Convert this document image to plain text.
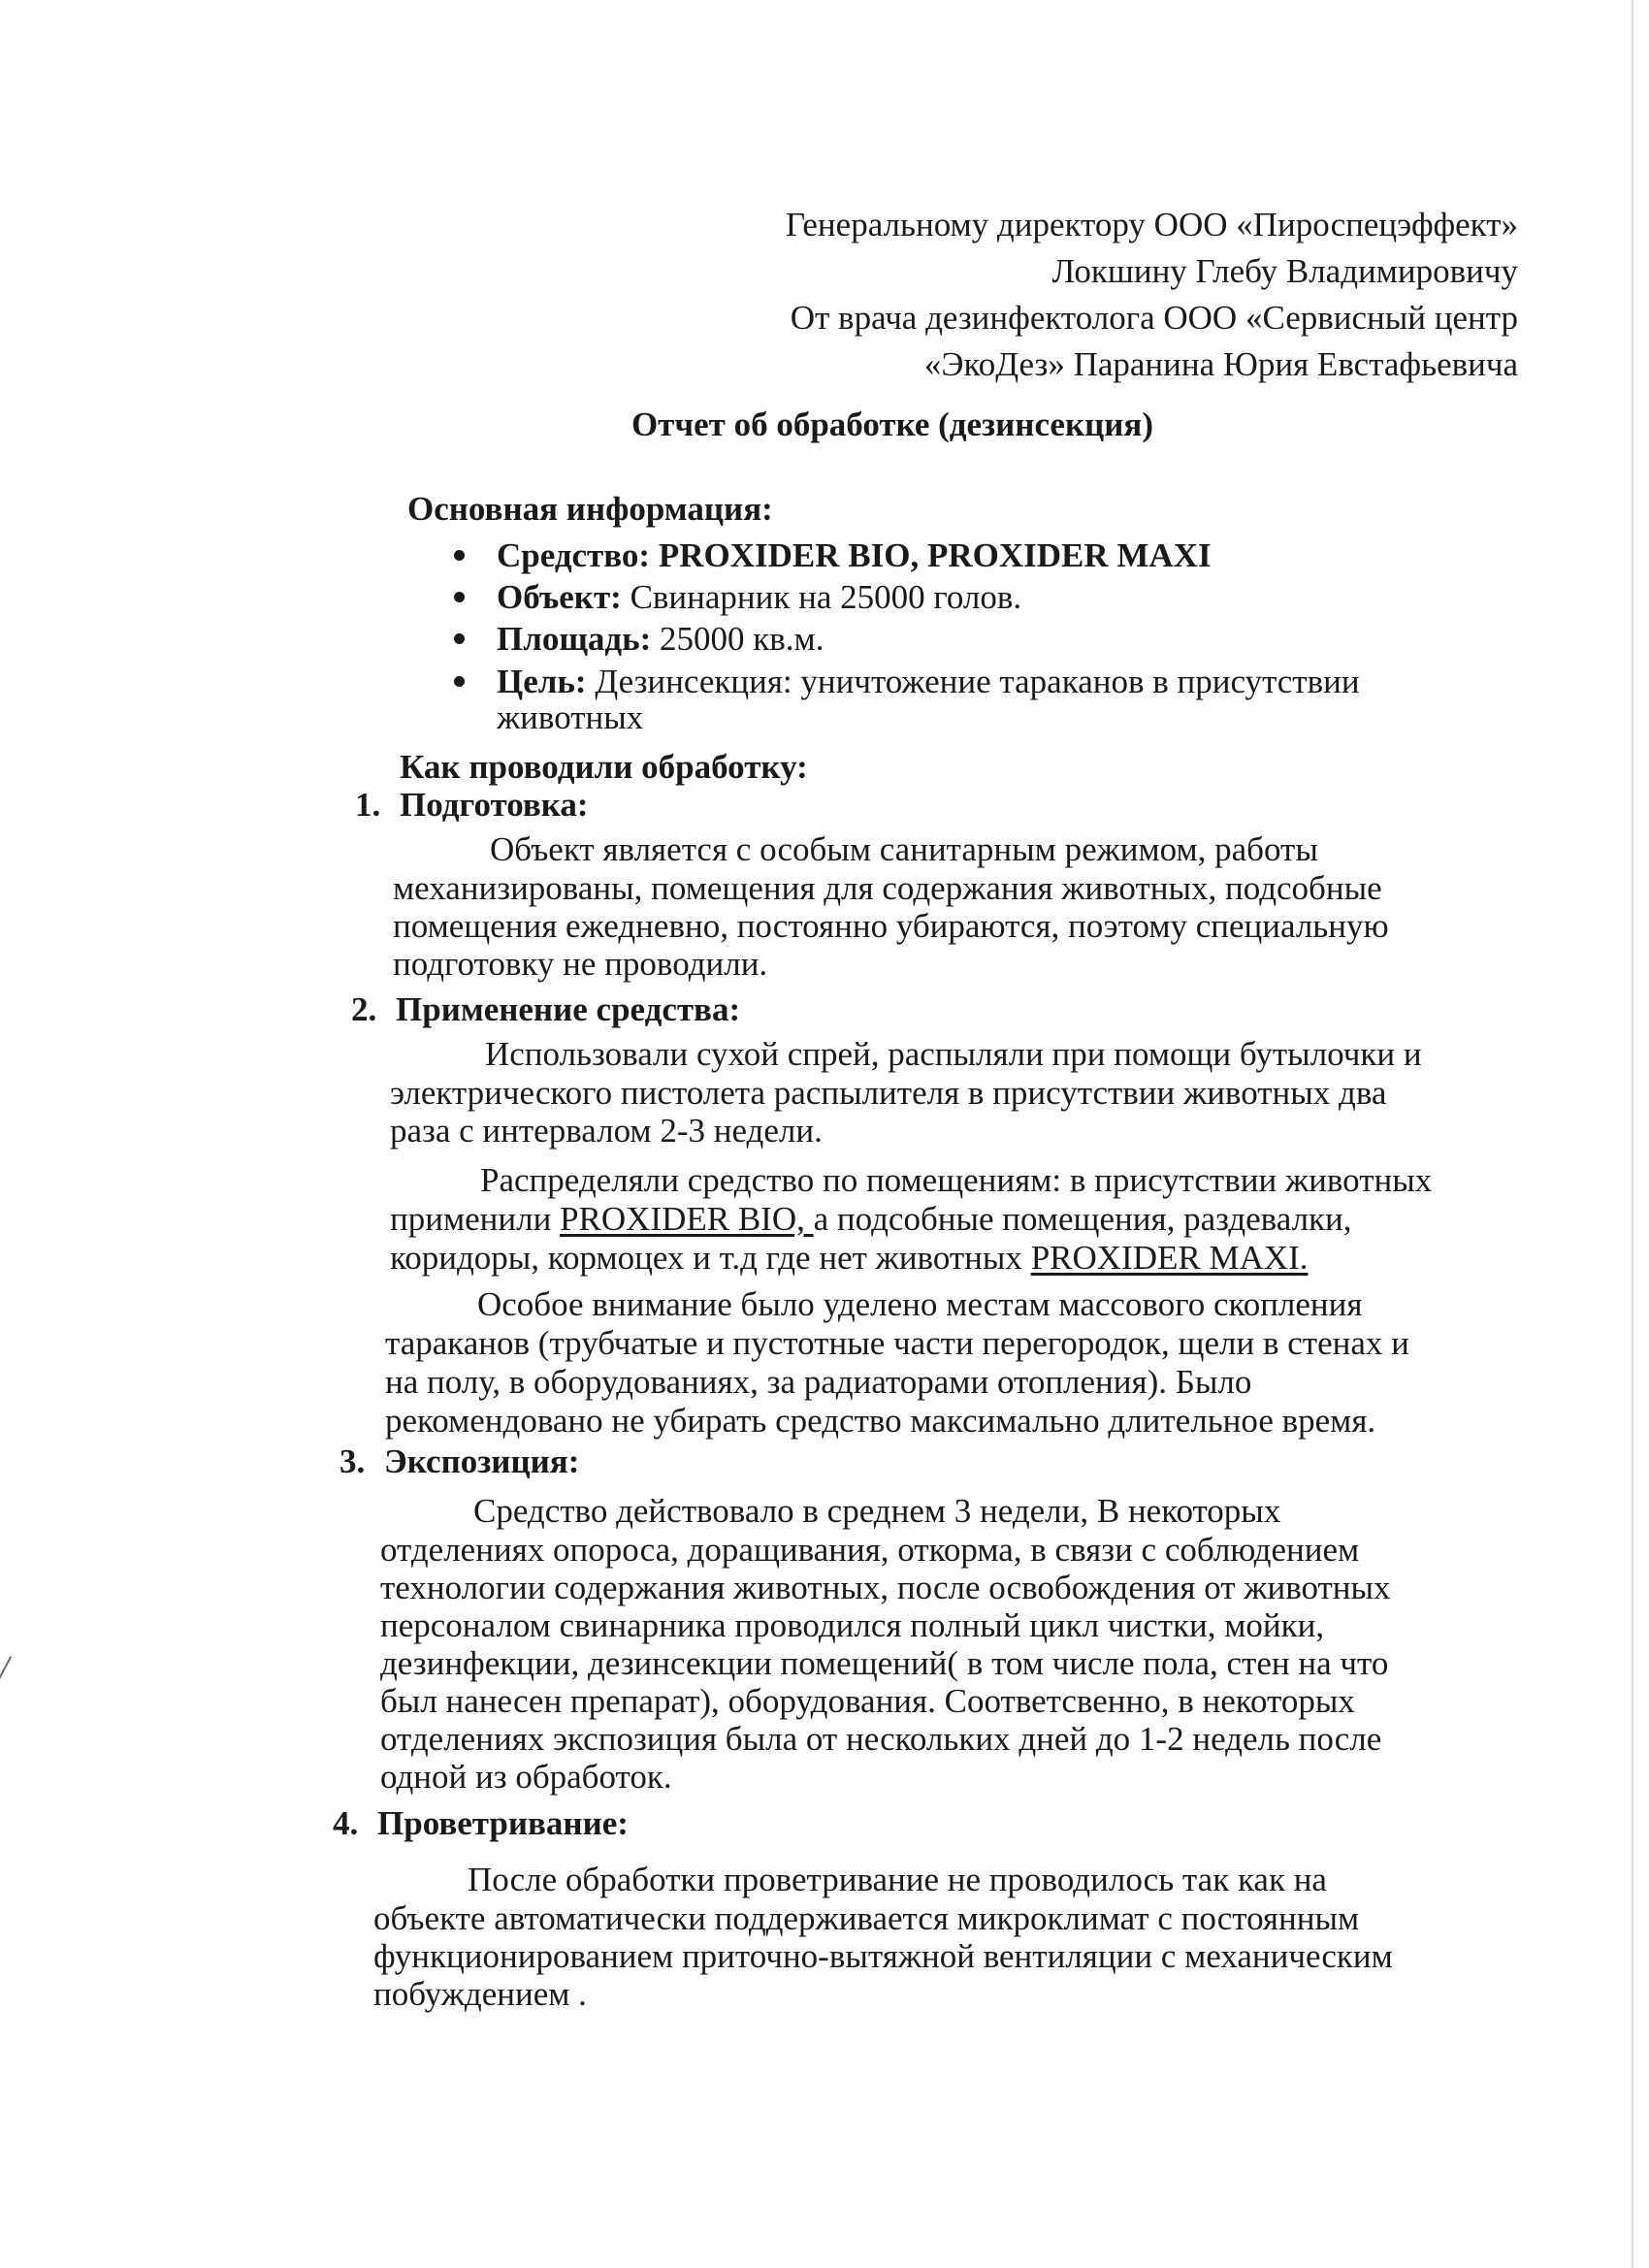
Генеральному директору ООО «Пироспецэффект»
Локшину Глебу Владимировичу
От врача дезинфектолога ООО «Сервисный центр
«ЭкоДез» Паранина Юрия Евстафьевича
Отчет об обработке (дезинсекция)
Основная информация:
Средство: PROXIDER BIO, PROXIDER MAXI
Объект: Свинарник на 25000 голов.
Площадь: 25000 кв.м.
Цель: Дезинсекция: уничтожение тараканов в присутствии
животных
Как проводили обработку:
1. Подготовка:
Объект является с особым санитарным режимом, работы
механизированы, помещения для содержания животных, подсобные
помещения ежедневно, постоянно убираются, поэтому специальную
подготовку не проводили.
2. Применение средства:
Использовали сухой спрей, распыляли при помощи бутылочки и
электрического пистолета распылителя в присутствии животных два
раза с интервалом 2-3 недели.
Распределяли средство по помещениям: в присутствии животных
применили PROXIDER BIO, а подсобные помещения, раздевалки,
коридоры, кормоцех и т.д где нет животных PROXIDER MAXI.
Особое внимание было уделено местам массового скопления
тараканов (трубчатые и пустотные части перегородок, щели в стенах и
на полу, в оборудованиях, за радиаторами отопления). Было
рекомендовано не убирать средство максимально длительное время.
3. Экспозиция:
Средство действовало в среднем 3 недели, В некоторых
отделениях опороса, доращивания, откорма, в связи с соблюдением
технологии содержания животных, после освобождения от животных
персоналом свинарника проводился полный цикл чистки, мойки,
дезинфекции, дезинсекции помещений( в том числе пола, стен на что
был нанесен препарат), оборудования. Соответсвенно, в некоторых
отделениях экспозиция была от нескольких дней до 1-2 недель после
одной из обработок.
4. Проветривание:
После обработки проветривание не проводилось так как на
объекте автоматически поддерживается микроклимат с постоянным
функционированием приточно-вытяжной вентиляции с механическим
побуждением .
